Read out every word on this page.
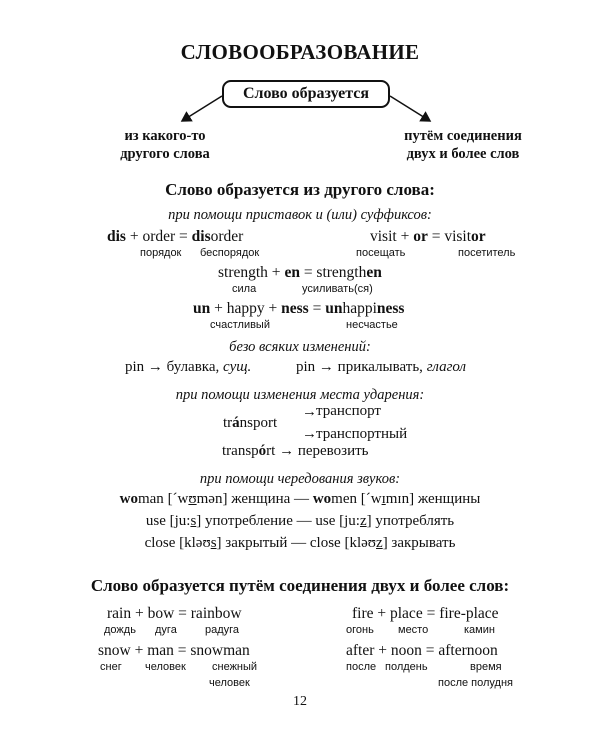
СЛОВООБРАЗОВАНИЕ
Слово образуется
из какого-то
другого слова
путём соединения
двух и более слов
Слово образуется из другого слова:
при помощи приставок и (или) суффиксов:
dis + order = disorder
порядок беспорядок
visit + or = visitor
посещать	посетитель
strength + en = strengthen
сила	усиливать(ся)
un + happy + ness = unhappiness
счастливый	несчастье
безо всяких изменений:
pin → булавка, сущ.	pin → прикалывать, глагол
при помощи изменения места ударения:
tránsport
→
→
транспорт
транспортный
transpórt → перевозить
при помощи чередования звуков:
woman [ˊwʊmən] женщина — women [ˊwɪmɪn] женщины
use [ju:s] употребление — use [ju:z] употреблять
close [kləʊs] закрытый — close [kləʊz] закрывать
Слово образуется путём соединения двух и более слов:
rain + bow = rainbow
дождь дуга	радуга
fire + place = fire-place
огонь место	камин
snow + man = snowman
снег человек снежный
человек
after + noon = afternoon
после полдень	время
после полудня
12
